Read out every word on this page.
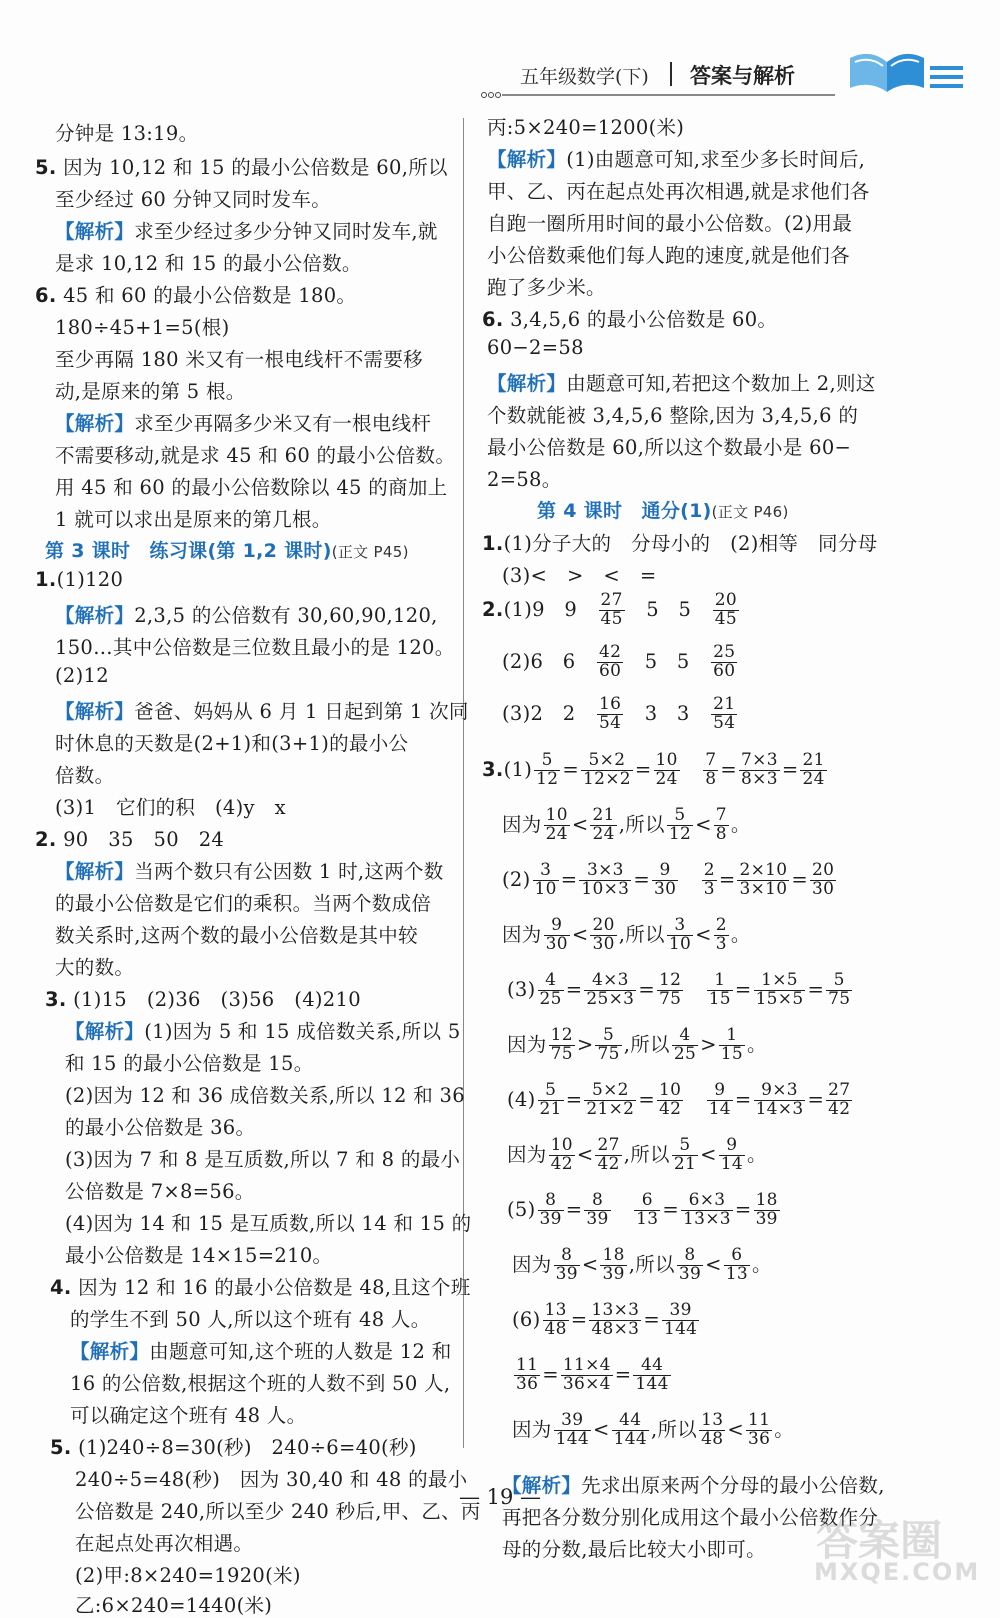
五年级数学(下) 答案与解析
分钟是 13:19。
5. 因为 10,12 和 15 的最小公倍数是 60,所以
至少经过 60 分钟又同时发车。
【解析】求至少经过多少分钟又同时发车,就
是求 10,12 和 15 的最小公倍数。
6. 45 和 60 的最小公倍数是 180。
180÷45+1=5(根)
至少再隔 180 米又有一根电线杆不需要移
动,是原来的第 5 根。
【解析】求至少再隔多少米又有一根电线杆
不需要移动,就是求 45 和 60 的最小公倍数。
用 45 和 60 的最小公倍数除以 45 的商加上
1 就可以求出是原来的第几根。
第 3 课时　练习课(第 1,2 课时)(正文 P45)
1.(1)120
【解析】2,3,5 的公倍数有 30,60,90,120,
150…其中公倍数是三位数且最小的是 120。
(2)12
【解析】爸爸、妈妈从 6 月 1 日起到第 1 次同
时休息的天数是(2+1)和(3+1)的最小公
倍数。
(3)1　它们的积　(4)y　x
2. 90　35　50　24
【解析】当两个数只有公因数 1 时,这两个数
的最小公倍数是它们的乘积。当两个数成倍
数关系时,这两个数的最小公倍数是其中较
大的数。
3. (1)15　(2)36　(3)56　(4)210
【解析】(1)因为 5 和 15 成倍数关系,所以 5
和 15 的最小公倍数是 15。
(2)因为 12 和 36 成倍数关系,所以 12 和 36
的最小公倍数是 36。
(3)因为 7 和 8 是互质数,所以 7 和 8 的最小
公倍数是 7×8=56。
(4)因为 14 和 15 是互质数,所以 14 和 15 的
最小公倍数是 14×15=210。
4. 因为 12 和 16 的最小公倍数是 48,且这个班
的学生不到 50 人,所以这个班有 48 人。
【解析】由题意可知,这个班的人数是 12 和
16 的公倍数,根据这个班的人数不到 50 人,
可以确定这个班有 48 人。
5. (1)240÷8=30(秒)　240÷6=40(秒)
240÷5=48(秒)　因为 30,40 和 48 的最小
公倍数是 240,所以至少 240 秒后,甲、乙、丙
在起点处再次相遇。
(2)甲:8×240=1920(米)
乙:6×240=1440(米)
丙:5×240=1200(米)
【解析】(1)由题意可知,求至少多长时间后,
甲、乙、丙在起点处再次相遇,就是求他们各
自跑一圈所用时间的最小公倍数。(2)用最
小公倍数乘他们每人跑的速度,就是他们各
跑了多少米。
6. 3,4,5,6 的最小公倍数是 60。
60−2=58
【解析】由题意可知,若把这个数加上 2,则这
个数就能被 3,4,5,6 整除,因为 3,4,5,6 的
最小公倍数是 60,所以这个数最小是 60−
2=58。
第 4 课时　通分(1)(正文 P46)
1.(1)分子大的　分母小的　(2)相等　同分母
(3)<　>　<　=
2.(1)9 $9 \frac{27}{45} 5$ $5 \frac{20}{45}$
(2)6 $6 \frac{42}{60} 5$ $5 \frac{25}{60}$
(3)2 $2 \frac{16}{54} 3$ $3 \frac{21}{54}$
$3.(1) \frac{5}{12} = \frac{5\times 2}{12\times 2} = \frac{10}{24}$
$\frac{7}{8} = \frac{7\times 3}{8\times 3} = \frac{21}{24}$
因为 $\frac{10}{24} < \frac{21}{24}$ ,所以 $\frac{5}{12} < \frac{7}{8}$ 。
$(2) \frac{3}{10} = \frac{3\times 3}{10\times 3} = \frac{9}{30}$
$\frac{2}{3} = \frac{2\times 10}{3\times 10} = \frac{20}{30}$
因为 $\frac{9}{30} < \frac{20}{30}$ ,所以 $\frac{3}{10} < \frac{2}{3}$ 。
$(3) \frac{4}{25} = \frac{4\times 3}{25\times 3} = \frac{12}{75}$
$\frac{1}{15} = \frac{1\times 5}{15\times 5} = \frac{5}{75}$
因为 $\frac{12}{75} > \frac{5}{75}$ ,所以 $\frac{4}{25} > \frac{1}{15}$ 。
$(4) \frac{5}{21} = \frac{5\times 2}{21\times 2} = \frac{10}{42}$
$\frac{9}{14} = \frac{9\times 3}{14\times 3} = \frac{27}{42}$
因为 $\frac{10}{42} < \frac{27}{42}$ ,所以 $\frac{5}{21} < \frac{9}{14}$ 。
$(5) \frac{8}{39} = \frac{8}{39}$
$\frac{6}{13} = \frac{6\times 3}{13\times 3} = \frac{18}{39}$
因为 $\frac{8}{39} < \frac{18}{39}$ ,所以 $\frac{8}{39} < \frac{6}{13}$ 。
$(6) \frac{13}{48} = \frac{13\times 3}{48\times 3} = \frac{39}{144}$
$\frac{11}{36} = \frac{11\times 4}{36\times 4} = \frac{44}{144}$
因为 $\frac{39}{144} < \frac{44}{144}$ ,所以 $\frac{13}{48} < \frac{11}{36}$ 。
【解析】先求出原来两个分母的最小公倍数,
再把各分数分别化成用这个最小公倍数作分
母的分数,最后比较大小即可。
— 19 —
答案圈
MXQE.COM
